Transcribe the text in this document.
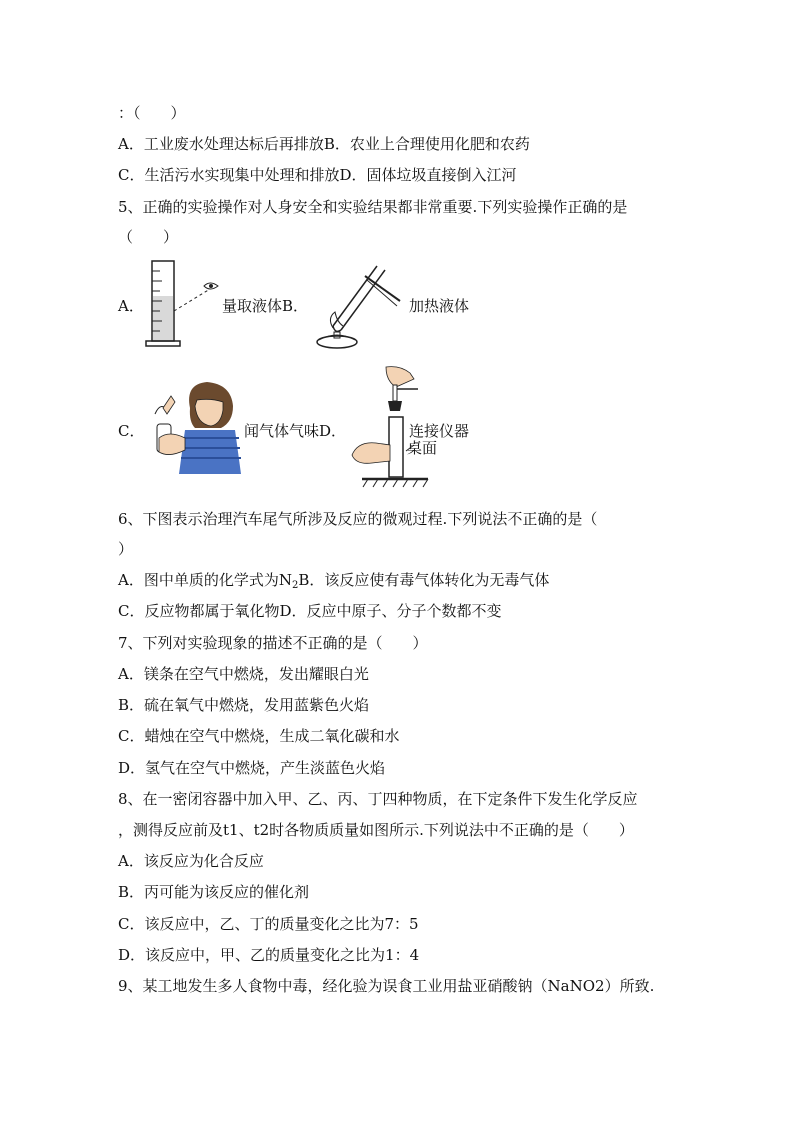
：（　　）
A．工业废水处理达标后再排放B．农业上合理使用化肥和农药
C．生活污水实现集中处理和排放D．固体垃圾直接倒入江河
5、正确的实验操作对人身安全和实验结果都非常重要.下列实验操作正确的是
（　　）
A．	量取液体B．	加热液体
C．	闻气体气味D．	连接仪器
桌面
6、下图表示治理汽车尾气所涉及反应的微观过程.下列说法不正确的是（
）
A．图中单质的化学式为$N_2B$．该反应使有毒气体转化为无毒气体
C．反应物都属于氧化物D．反应中原子、分子个数都不变
7、下列对实验现象的描述不正确的是（　　）
A．镁条在空气中燃烧，发出耀眼白光
B．硫在氧气中燃烧，发用蓝紫色火焰
C．蜡烛在空气中燃烧，生成二氧化碳和水
D．氢气在空气中燃烧，产生淡蓝色火焰
8、在一密闭容器中加入甲、乙、丙、丁四种物质，在下定条件下发生化学反应
，测得反应前及t1、t2时各物质质量如图所示.下列说法中不正确的是（　　）
A．该反应为化合反应
B．丙可能为该反应的催化剂
C．该反应中，乙、丁的质量变化之比为7：5
D．该反应中，甲、乙的质量变化之比为1：4
9、某工地发生多人食物中毒，经化验为误食工业用盐亚硝酸钠（NaNO2）所致.
